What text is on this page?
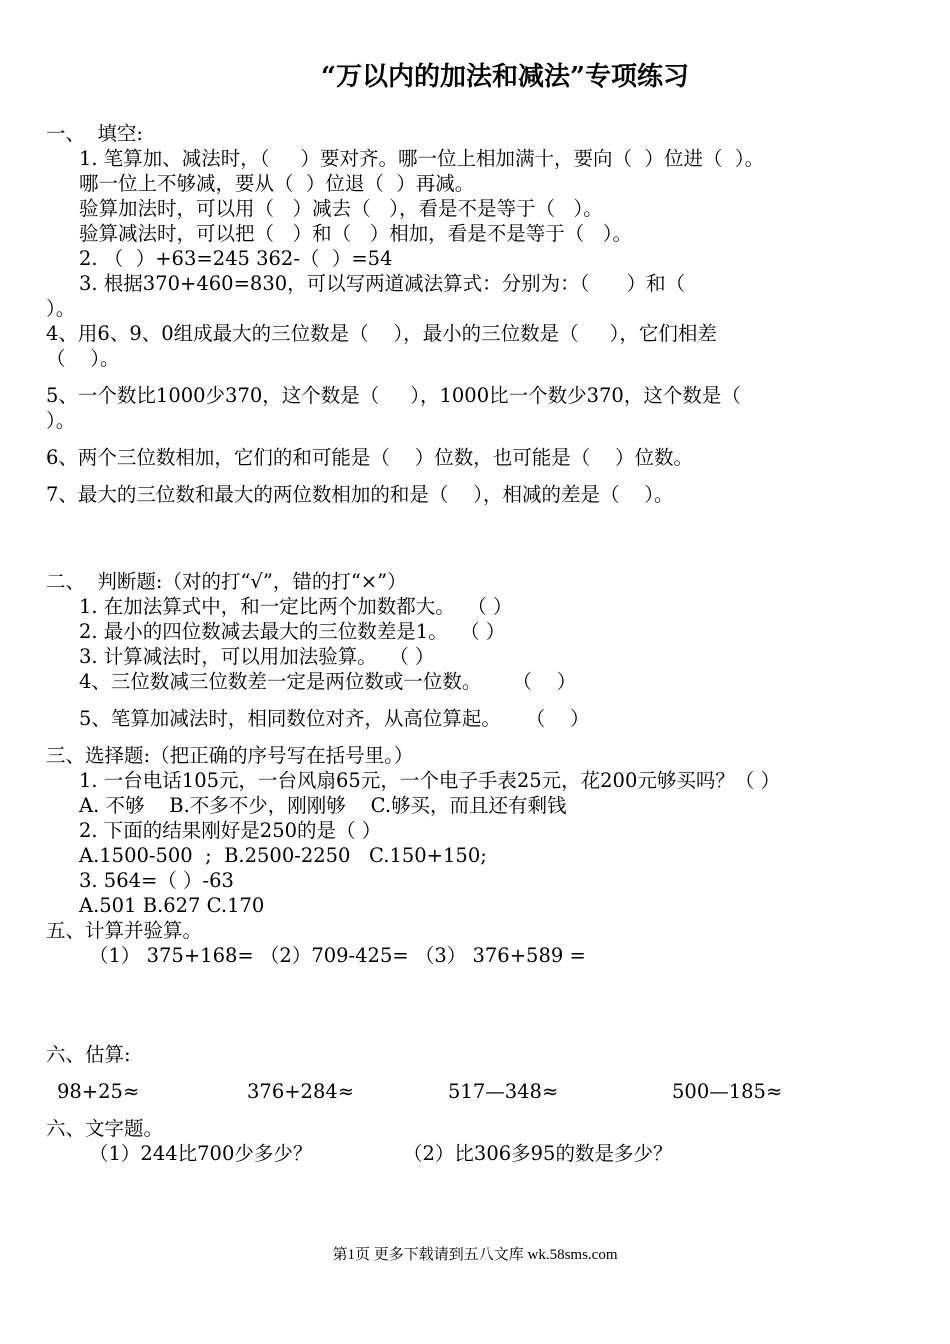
“万以内的加法和减法”专项练习
一、  填空:
1. 笔算加、减法时，（     ）要对齐。哪一位上相加满十，要向（  ）位进（  ）。
哪一位上不够减，要从（  ）位退（  ）再减。
验算加法时，可以用（   ）减去（   ），看是不是等于（   ）。
验算减法时，可以把（   ）和（   ）相加，看是不是等于（   ）。
2. （  ）+63=245 362-（  ）=54
3. 根据370+460=830，可以写两道减法算式：分别为：（      ）和（
）。
4、用6、9、0组成最大的三位数是（    ），最小的三位数是（     ），它们相差
（    ）。
5、一个数比1000少370，这个数是（     ），1000比一个数少370，这个数是（
）。
6、两个三位数相加，它们的和可能是（    ）位数，也可能是（    ）位数。
7、最大的三位数和最大的两位数相加的和是（    ），相减的差是（    ）。
二、  判断题:（对的打“√”，错的打“×”）
1. 在加法算式中，和一定比两个加数都大。  （ ）
2. 最小的四位数减去最大的三位数差是1。  （ ）
3. 计算减法时，可以用加法验算。  （ ）
4、三位数减三位数差一定是两位数或一位数。     （    ）
5、笔算加减法时，相同数位对齐，从高位算起。    （    ）
三、选择题:（把正确的序号写在括号里。）
1. 一台电话105元，一台风扇65元，一个电子手表25元，花200元够买吗？（ ）
A. 不够    B.不多不少，刚刚够    C.够买，而且还有剩钱
2. 下面的结果刚好是250的是（ ）
A.1500-500  ;  B.2500-2250   C.150+150;
3. 564=（ ）-63
A.501 B.627 C.170
五、计算并验算。
（1） 375+168= （2）709-425= （3） 376+589 =
六、估算:
98+25≈	376+284≈	517—348≈	500—185≈
六、文字题。
（1）244比700少多少？	（2）比306多95的数是多少？
第1页 更多下载请到五八文库 wk.58sms.com
